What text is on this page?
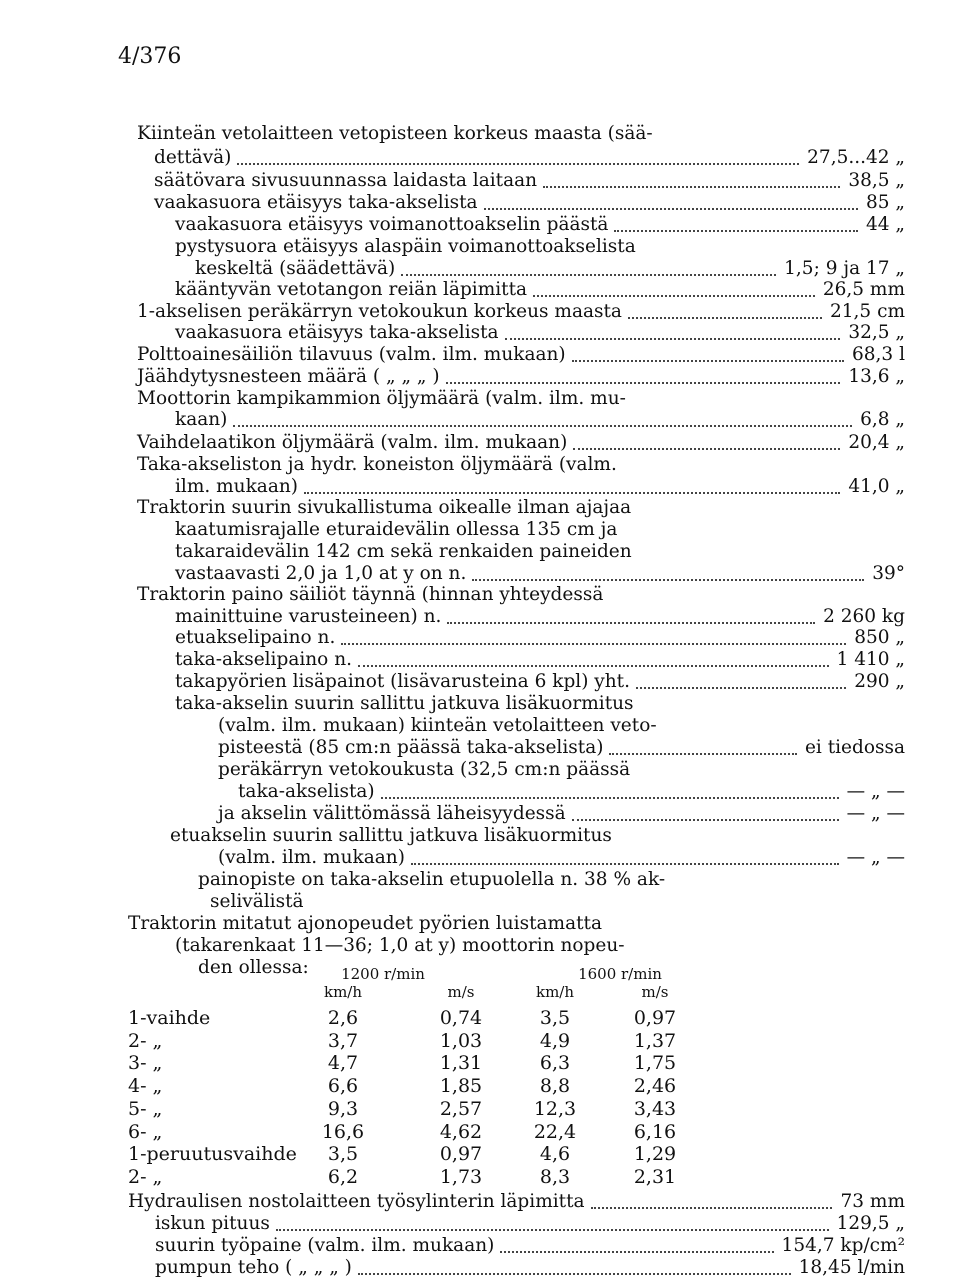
4/376
Kiinteän vetolaitteen vetopisteen korkeus maasta (sää-
dettävä)	27,5...42 „
säätövara sivusuunnassa laidasta laitaan	38,5 „
vaakasuora etäisyys taka-akselista	85 „
vaakasuora etäisyys voimanottoakselin päästä	44 „
pystysuora etäisyys alaspäin voimanottoakselista
keskeltä (säädettävä)	1,5; 9 ja 17 „
kääntyvän vetotangon reiän läpimitta	26,5 mm
1-akselisen peräkärryn vetokoukun korkeus maasta	21,5 cm
vaakasuora etäisyys taka-akselista	32,5 „
Polttoainesäiliön tilavuus (valm. ilm. mukaan)	68,3 l
Jäähdytysnesteen määrä ( „ „ „ )	13,6 „
Moottorin kampikammion öljymäärä (valm. ilm. mu-
kaan)	6,8 „
Vaihdelaatikon öljymäärä (valm. ilm. mukaan)	20,4 „
Taka-akseliston ja hydr. koneiston öljymäärä (valm.
ilm. mukaan)	41,0 „
Traktorin suurin sivukallistuma oikealle ilman ajajaa
kaatumisrajalle eturaidevälin ollessa 135 cm ja
takaraidevälin 142 cm sekä renkaiden paineiden
vastaavasti 2,0 ja 1,0 at y on n.	39°
Traktorin paino säiliöt täynnä (hinnan yhteydessä
mainittuine varusteineen) n.	2 260 kg
etuakselipaino n.	850 „
taka-akselipaino n.	1 410 „
takapyörien lisäpainot (lisävarusteina 6 kpl) yht.	290 „
taka-akselin suurin sallittu jatkuva lisäkuormitus
(valm. ilm. mukaan) kiinteän vetolaitteen veto-
pisteestä (85 cm:n päässä taka-akselista)	ei tiedossa
peräkärryn vetokoukusta (32,5 cm:n päässä
taka-akselista)	— „ —
ja akselin välittömässä läheisyydessä	— „ —
etuakselin suurin sallittu jatkuva lisäkuormitus
(valm. ilm. mukaan)	— „ —
painopiste on taka-akselin etupuolella n. 38 % ak-
selivälistä
Traktorin mitatut ajonopeudet pyörien luistamatta
(takarenkaat 11—36; 1,0 at y) moottorin nopeu-
den ollessa:	1200 r/min	1600 r/min
km/h	m/s	km/h	m/s
1-vaihde	2,6	0,74	3,5	0,97
2- „	3,7	1,03	4,9	1,37
3- „	4,7	1,31	6,3	1,75
4- „	6,6	1,85	8,8	2,46
5- „	9,3	2,57	12,3	3,43
6- „	16,6	4,62	22,4	6,16
1-peruutusvaihde	3,5	0,97	4,6	1,29
2- „	6,2	1,73	8,3	2,31
Hydraulisen nostolaitteen työsylinterin läpimitta	73 mm
iskun pituus	129,5 „
suurin työpaine (valm. ilm. mukaan)	154,7 kp/cm²
pumpun teho ( „ „ „ )	18,45 l/min
